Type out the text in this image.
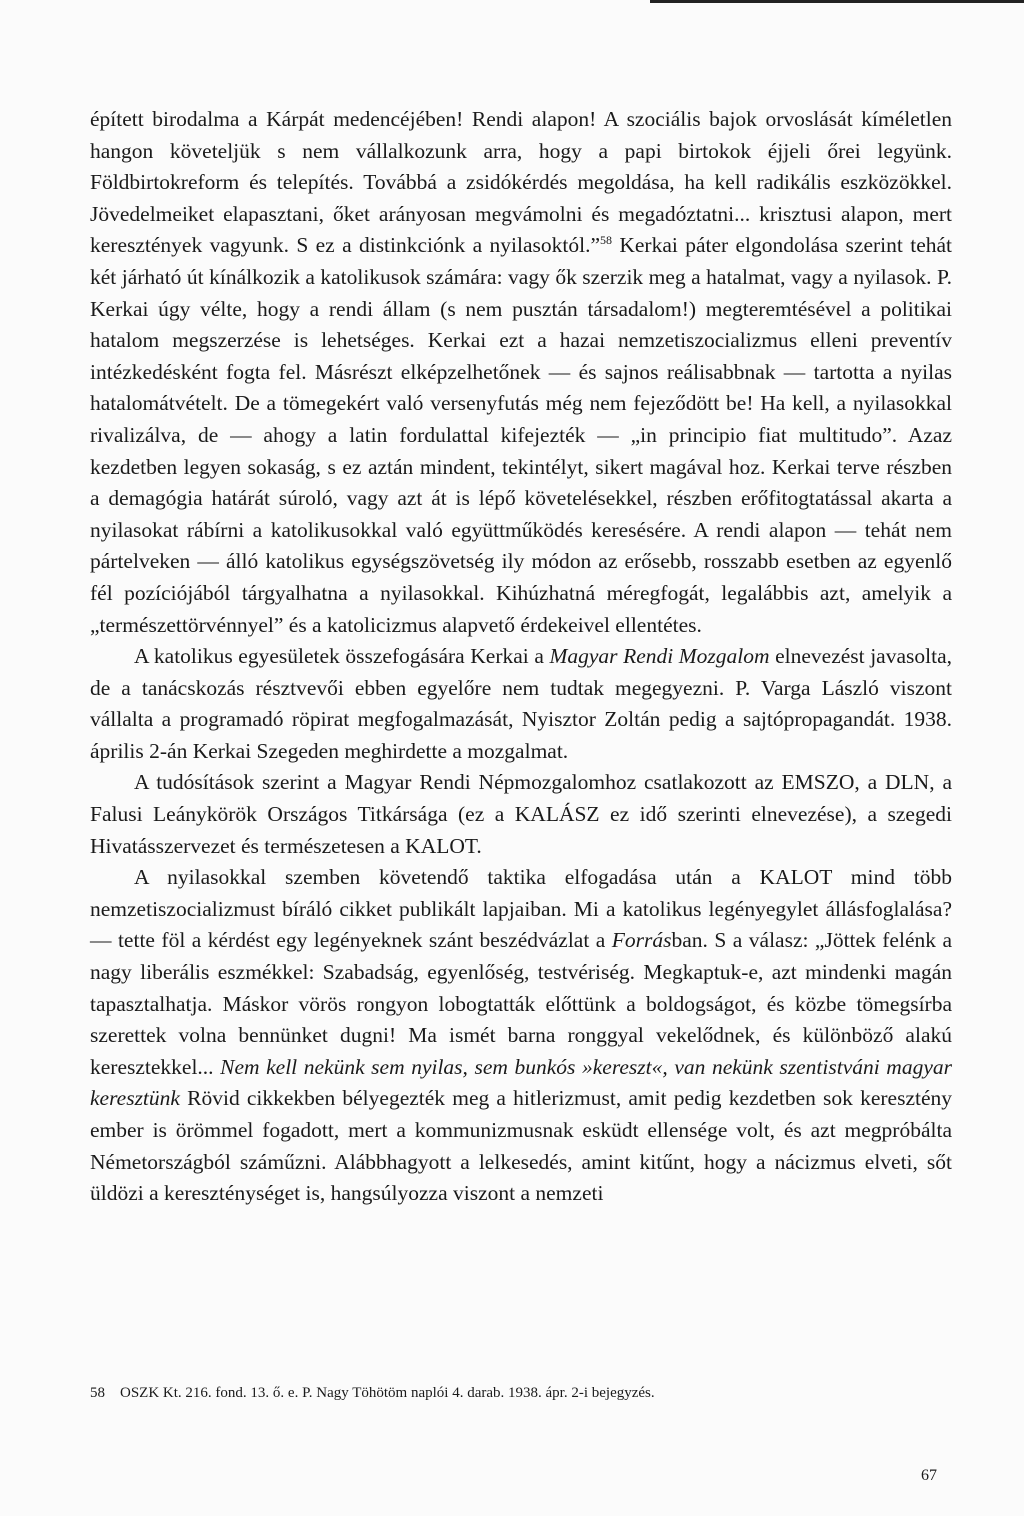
épített birodalma a Kárpát medencéjében! Rendi alapon! A szociális bajok orvoslását kíméletlen hangon követeljük s nem vállalkozunk arra, hogy a papi birtokok éjjeli őrei legyünk. Földbirtokreform és telepítés. Továbbá a zsidókérdés megoldása, ha kell radikális eszközökkel. Jövedelmeiket elapasztani, őket arányosan megvámolni és megadóztatni... krisztusi alapon, mert keresztények vagyunk. S ez a distinkciónk a nyilasoktól.”$^{58}$ Kerkai páter elgondolása szerint tehát két járható út kínálkozik a katolikusok számára: vagy ők szerzik meg a hatalmat, vagy a nyilasok. P. Kerkai úgy vélte, hogy a rendi állam (s nem pusztán társadalom!) megteremtésével a politikai hatalom megszerzése is lehetséges. Kerkai ezt a hazai nemzetiszocializmus elleni preventív intézkedésként fogta fel. Másrészt elképzelhetőnek — és sajnos reálisabbnak — tartotta a nyilas hatalomátvételt. De a tömegekért való versenyfutás még nem fejeződött be! Ha kell, a nyilasokkal rivalizálva, de — ahogy a latin fordulattal kifejezték — „in principio fiat multitudo”. Azaz kezdetben legyen sokaság, s ez aztán mindent, tekintélyt, sikert magával hoz. Kerkai terve részben a demagógia határát súroló, vagy azt át is lépő követelésekkel, részben erőfitogtatással akarta a nyilasokat rábírni a katolikusokkal való együttműködés keresésére. A rendi alapon — tehát nem pártelveken — álló katolikus egységszövetség ily módon az erősebb, rosszabb esetben az egyenlő fél pozíciójából tárgyalhatna a nyilasokkal. Kihúzhatná méregfogát, legalábbis azt, amelyik a „természettörvénnyel” és a katolicizmus alapvető érdekeivel ellentétes.

A katolikus egyesületek összefogására Kerkai a Magyar Rendi Mozgalom elnevezést javasolta, de a tanácskozás résztvevői ebben egyelőre nem tudtak megegyezni. P. Varga László viszont vállalta a programadó röpirat megfogalmazását, Nyisztor Zoltán pedig a sajtópropagandát. 1938. április 2-án Kerkai Szegeden meghirdette a mozgalmat.

A tudósítások szerint a Magyar Rendi Népmozgalomhoz csatlakozott az EMSZO, a DLN, a Falusi Leánykörök Országos Titkársága (ez a KALÁSZ ez idő szerinti elnevezése), a szegedi Hivatásszervezet és természetesen a KALOT.

A nyilasokkal szemben követendő taktika elfogadása után a KALOT mind több nemzetiszocializmust bíráló cikket publikált lapjaiban. Mi a katolikus legényegylet állásfoglalása? — tette föl a kérdést egy legényeknek szánt beszédvázlat a Forrásban. S a válasz: „Jöttek felénk a nagy liberális eszmékkel: Szabadság, egyenlőség, testvériség. Megkaptuk-e, azt mindenki magán tapasztalhatja. Máskor vörös rongyon lobogtatták előttünk a boldogságot, és közbe tömegsírba szerettek volna bennünket dugni! Ma ismét barna ronggyal vekelődnek, és különböző alakú keresztekkel... Nem kell nekünk sem nyilas, sem bunkós »kereszt«, van nekünk szentistváni magyar keresztünk Rövid cikkekben bélyegezték meg a hitlerizmust, amit pedig kezdetben sok keresztény ember is örömmel fogadott, mert a kommunizmusnak esküdt ellensége volt, és azt megpróbálta Németországból száműzni. Alábbhagyott a lelkesedés, amint kitűnt, hogy a nácizmus elveti, sőt üldözi a kereszténységet is, hangsúlyozza viszont a nemzeti

58 OSZK Kt. 216. fond. 13. ő. e. P. Nagy Töhötöm naplói 4. darab. 1938. ápr. 2-i bejegyzés.
67
